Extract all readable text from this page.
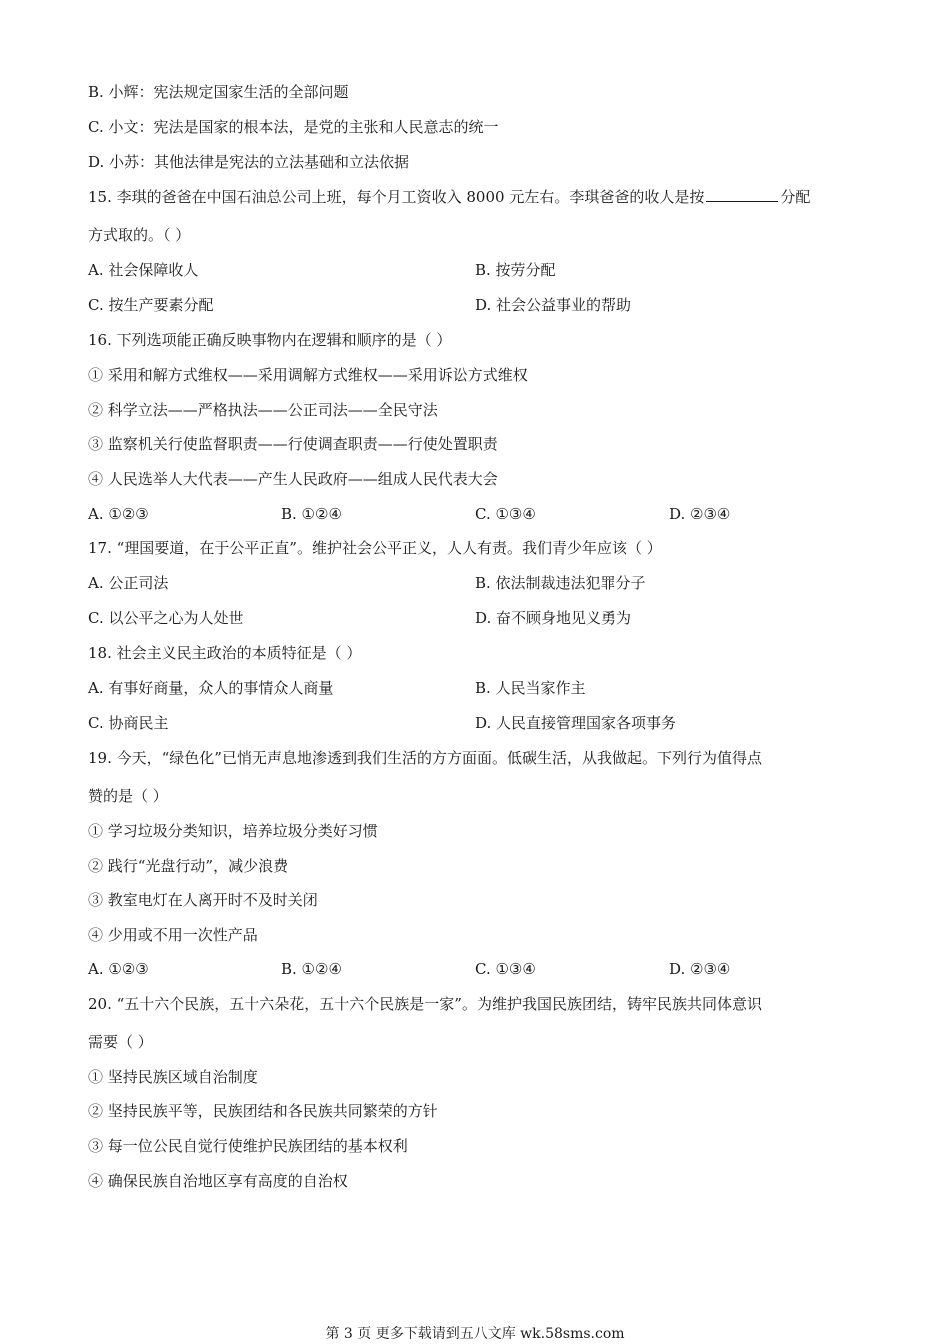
B. 小辉：宪法规定国家生活的全部问题
C. 小文：宪法是国家的根本法，是党的主张和人民意志的统一
D. 小苏：其他法律是宪法的立法基础和立法依据
15. 李琪的爸爸在中国石油总公司上班，每个月工资收入 8000 元左右。李琪爸爸的收人是按	分配
方式取的。（ ）
A. 社会保障收人	B. 按劳分配
C. 按生产要素分配	D. 社会公益事业的帮助
16. 下列选项能正确反映事物内在逻辑和顺序的是（ ）
① 采用和解方式维权——采用调解方式维权——采用诉讼方式维权
② 科学立法——严格执法——公正司法——全民守法
③ 监察机关行使监督职责——行使调查职责——行使处置职责
④ 人民选举人大代表——产生人民政府——组成人民代表大会
A. ①②③	B. ①②④	C. ①③④	D. ②③④
17. “理国要道，在于公平正直”。维护社会公平正义，人人有责。我们青少年应该（ ）
A. 公正司法	B. 依法制裁违法犯罪分子
C. 以公平之心为人处世	D. 奋不顾身地见义勇为
18. 社会主义民主政治的本质特征是（ ）
A. 有事好商量，众人的事情众人商量	B. 人民当家作主
C. 协商民主	D. 人民直接管理国家各项事务
19. 今天，“绿色化”已悄无声息地渗透到我们生活的方方面面。低碳生活，从我做起。下列行为值得点
赞的是（ ）
① 学习垃圾分类知识，培养垃圾分类好习惯
② 践行“光盘行动”，减少浪费
③ 教室电灯在人离开时不及时关闭
④ 少用或不用一次性产品
A. ①②③	B. ①②④	C. ①③④	D. ②③④
20. “五十六个民族，五十六朵花，五十六个民族是一家”。为维护我国民族团结，铸牢民族共同体意识
需要（ ）
① 坚持民族区域自治制度
② 坚持民族平等，民族团结和各民族共同繁荣的方针
③ 每一位公民自觉行使维护民族团结的基本权利
④ 确保民族自治地区享有高度的自治权
第 3 页 更多下载请到五八文库 wk.58sms.com
